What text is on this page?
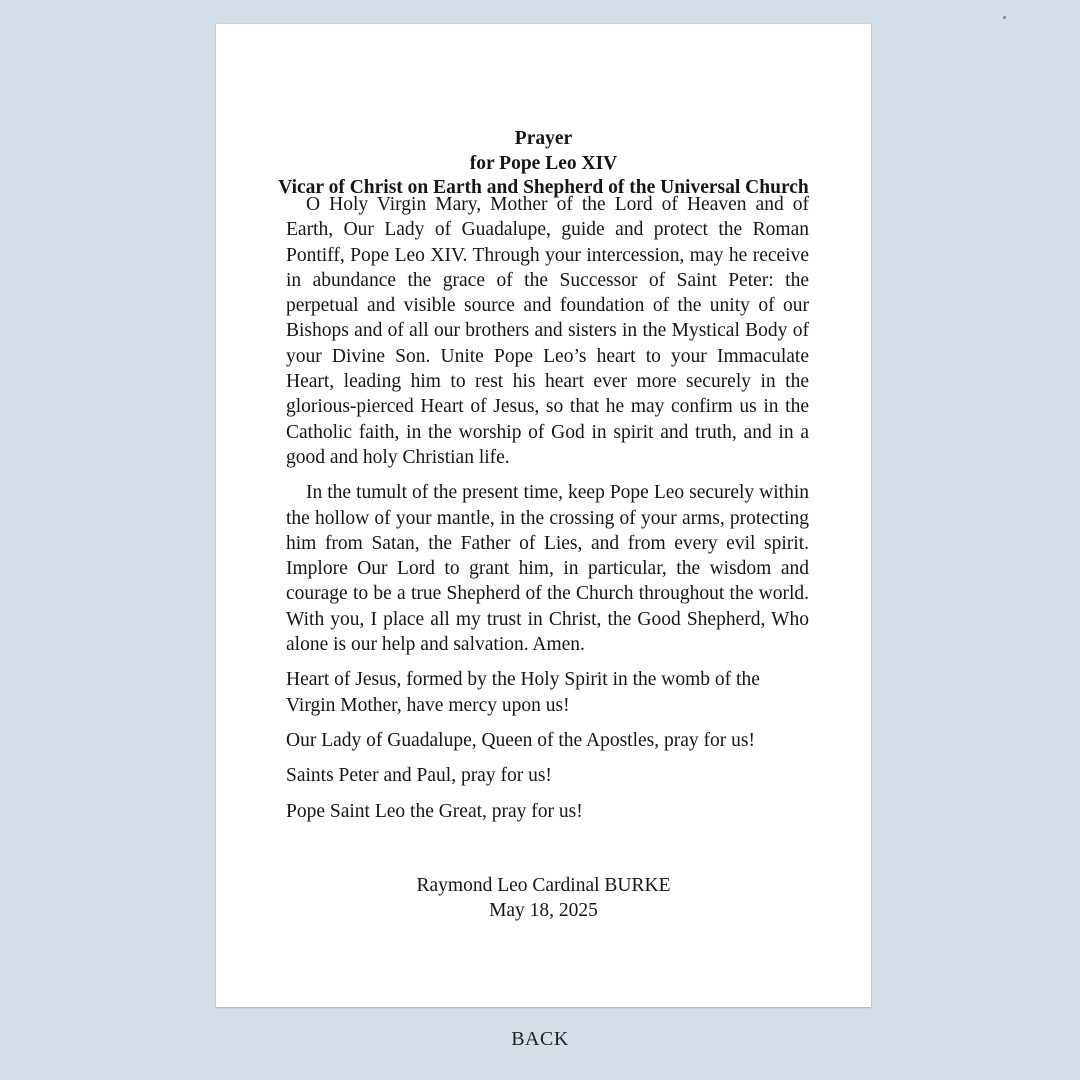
Prayer
for Pope Leo XIV
Vicar of Christ on Earth and Shepherd of the Universal Church

O Holy Virgin Mary, Mother of the Lord of Heaven and of Earth, Our Lady of Guadalupe, guide and protect the Roman Pontiff, Pope Leo XIV. Through your intercession, may he receive in abundance the grace of the Successor of Saint Peter: the perpetual and visible source and foundation of the unity of our Bishops and of all our brothers and sisters in the Mystical Body of your Divine Son. Unite Pope Leo’s heart to your Immaculate Heart, leading him to rest his heart ever more securely in the glorious-pierced Heart of Jesus, so that he may confirm us in the Catholic faith, in the worship of God in spirit and truth, and in a good and holy Christian life.

In the tumult of the present time, keep Pope Leo securely within the hollow of your mantle, in the crossing of your arms, protecting him from Satan, the Father of Lies, and from every evil spirit. Implore Our Lord to grant him, in particular, the wisdom and courage to be a true Shepherd of the Church throughout the world. With you, I place all my trust in Christ, the Good Shepherd, Who alone is our help and salvation. Amen.

Heart of Jesus, formed by the Holy Spirit in the womb of the Virgin Mother, have mercy upon us!

Our Lady of Guadalupe, Queen of the Apostles, pray for us!

Saints Peter and Paul, pray for us!

Pope Saint Leo the Great, pray for us!

Raymond Leo Cardinal BURKE
May 18, 2025
BACK
